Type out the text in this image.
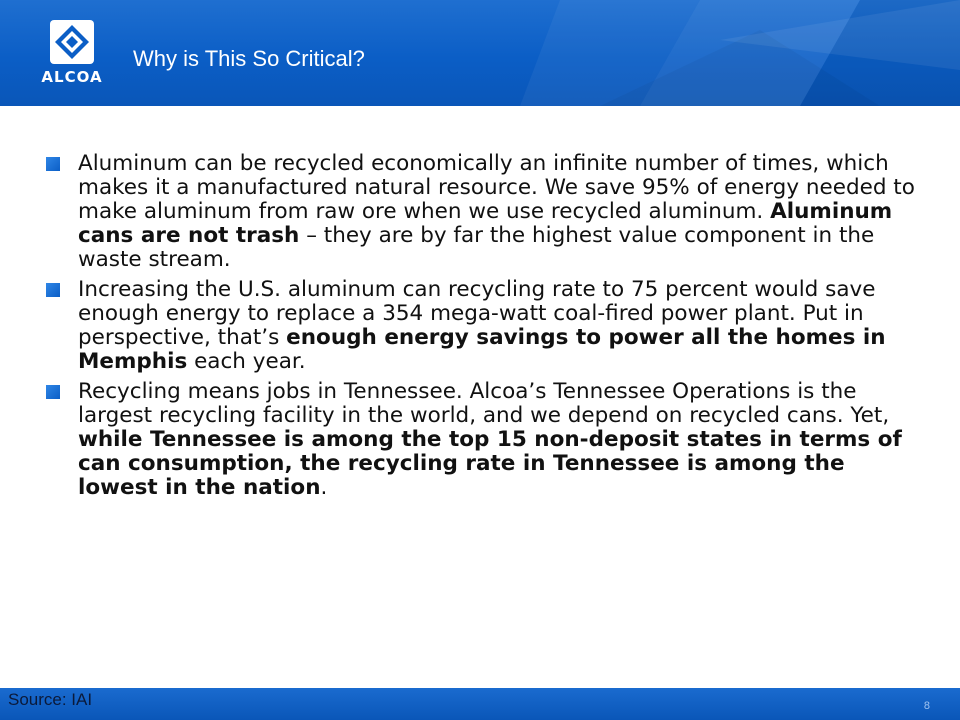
ALCOA
Why is This So Critical?
Aluminum can be recycled economically an infinite number of times, which makes it a manufactured natural resource. We save 95% of energy needed to make aluminum from raw ore when we use recycled aluminum. Aluminum cans are not trash – they are by far the highest value component in the waste stream.
Increasing the U.S. aluminum can recycling rate to 75 percent would save enough energy to replace a 354 mega-watt coal-fired power plant. Put in perspective, that’s enough energy savings to power all the homes in Memphis each year.
Recycling means jobs in Tennessee. Alcoa’s Tennessee Operations is the largest recycling facility in the world, and we depend on recycled cans. Yet, while Tennessee is among the top 15 non-deposit states in terms of can consumption, the recycling rate in Tennessee is among the lowest in the nation.
Source: IAI	8
